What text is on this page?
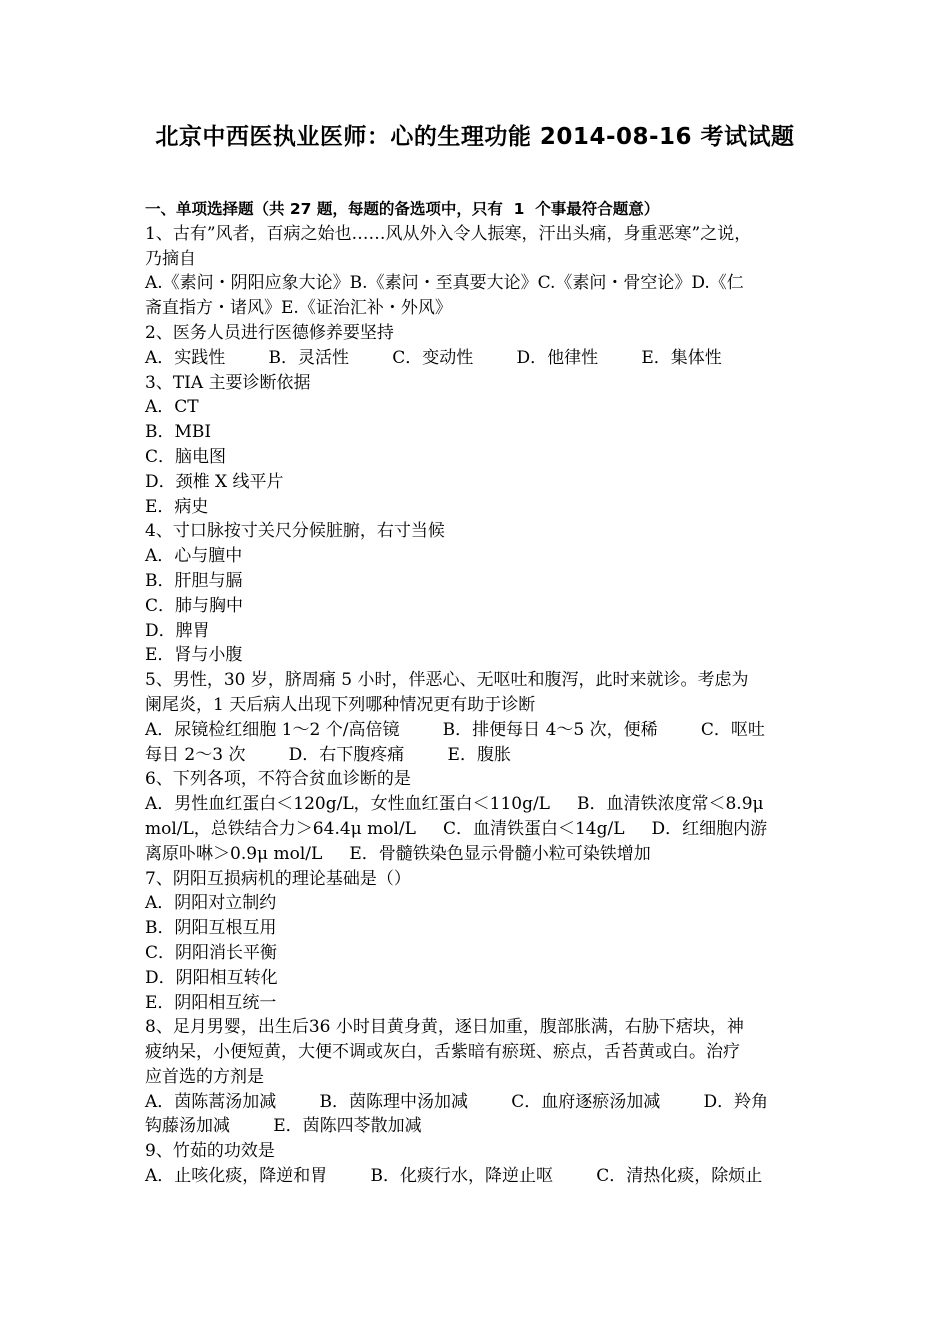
北京中西医执业医师：心的生理功能 2014-08-16 考试试题
一、单项选择题（共 27 题，每题的备选项中，只有  1  个事最符合题意）
1、古有”风者，百病之始也……风从外入令人振寒，汗出头痛，身重恶寒”之说，
乃摘自
A.《素问・阴阳应象大论》B.《素问・至真要大论》C.《素问・骨空论》D.《仁
斋直指方・诸风》E.《证治汇补・外风》
2、医务人员进行医德修养要坚持
A．实践性        B．灵活性        C．变动性        D．他律性        E．集体性
3、TIA 主要诊断依据
A．CT
B．MBI
C．脑电图
D．颈椎 X 线平片
E．病史
4、寸口脉按寸关尺分候脏腑，右寸当候
A．心与膻中
B．肝胆与膈
C．肺与胸中
D．脾胃
E．肾与小腹
5、男性，30 岁，脐周痛 5 小时，伴恶心、无呕吐和腹泻，此时来就诊。考虑为
阑尾炎，1 天后病人出现下列哪种情况更有助于诊断
A．尿镜检红细胞 1～2 个/高倍镜        B．排便每日 4～5 次，便稀        C．呕吐
每日 2～3 次        D．右下腹疼痛        E．腹胀
6、下列各项，不符合贫血诊断的是
A．男性血红蛋白＜120g/L，女性血红蛋白＜110g/L     B．血清铁浓度常＜8.9μ
mol/L，总铁结合力＞64.4μ mol/L     C．血清铁蛋白＜14g/L     D．红细胞内游
离原卟啉＞0.9μ mol/L     E．骨髓铁染色显示骨髓小粒可染铁增加
7、阴阳互损病机的理论基础是（）
A．阴阳对立制约
B．阴阳互根互用
C．阴阳消长平衡
D．阴阳相互转化
E．阴阳相互统一
8、足月男婴，出生后36 小时目黄身黄，逐日加重，腹部胀满，右胁下痞块，神
疲纳呆，小便短黄，大便不调或灰白，舌紫暗有瘀斑、瘀点，舌苔黄或白。治疗
应首选的方剂是
A．茵陈蒿汤加减        B．茵陈理中汤加减        C．血府逐瘀汤加减        D．羚角
钩藤汤加减        E．茵陈四苓散加减
9、竹茹的功效是
A．止咳化痰，降逆和胃        B．化痰行水，降逆止呕        C．清热化痰，除烦止
